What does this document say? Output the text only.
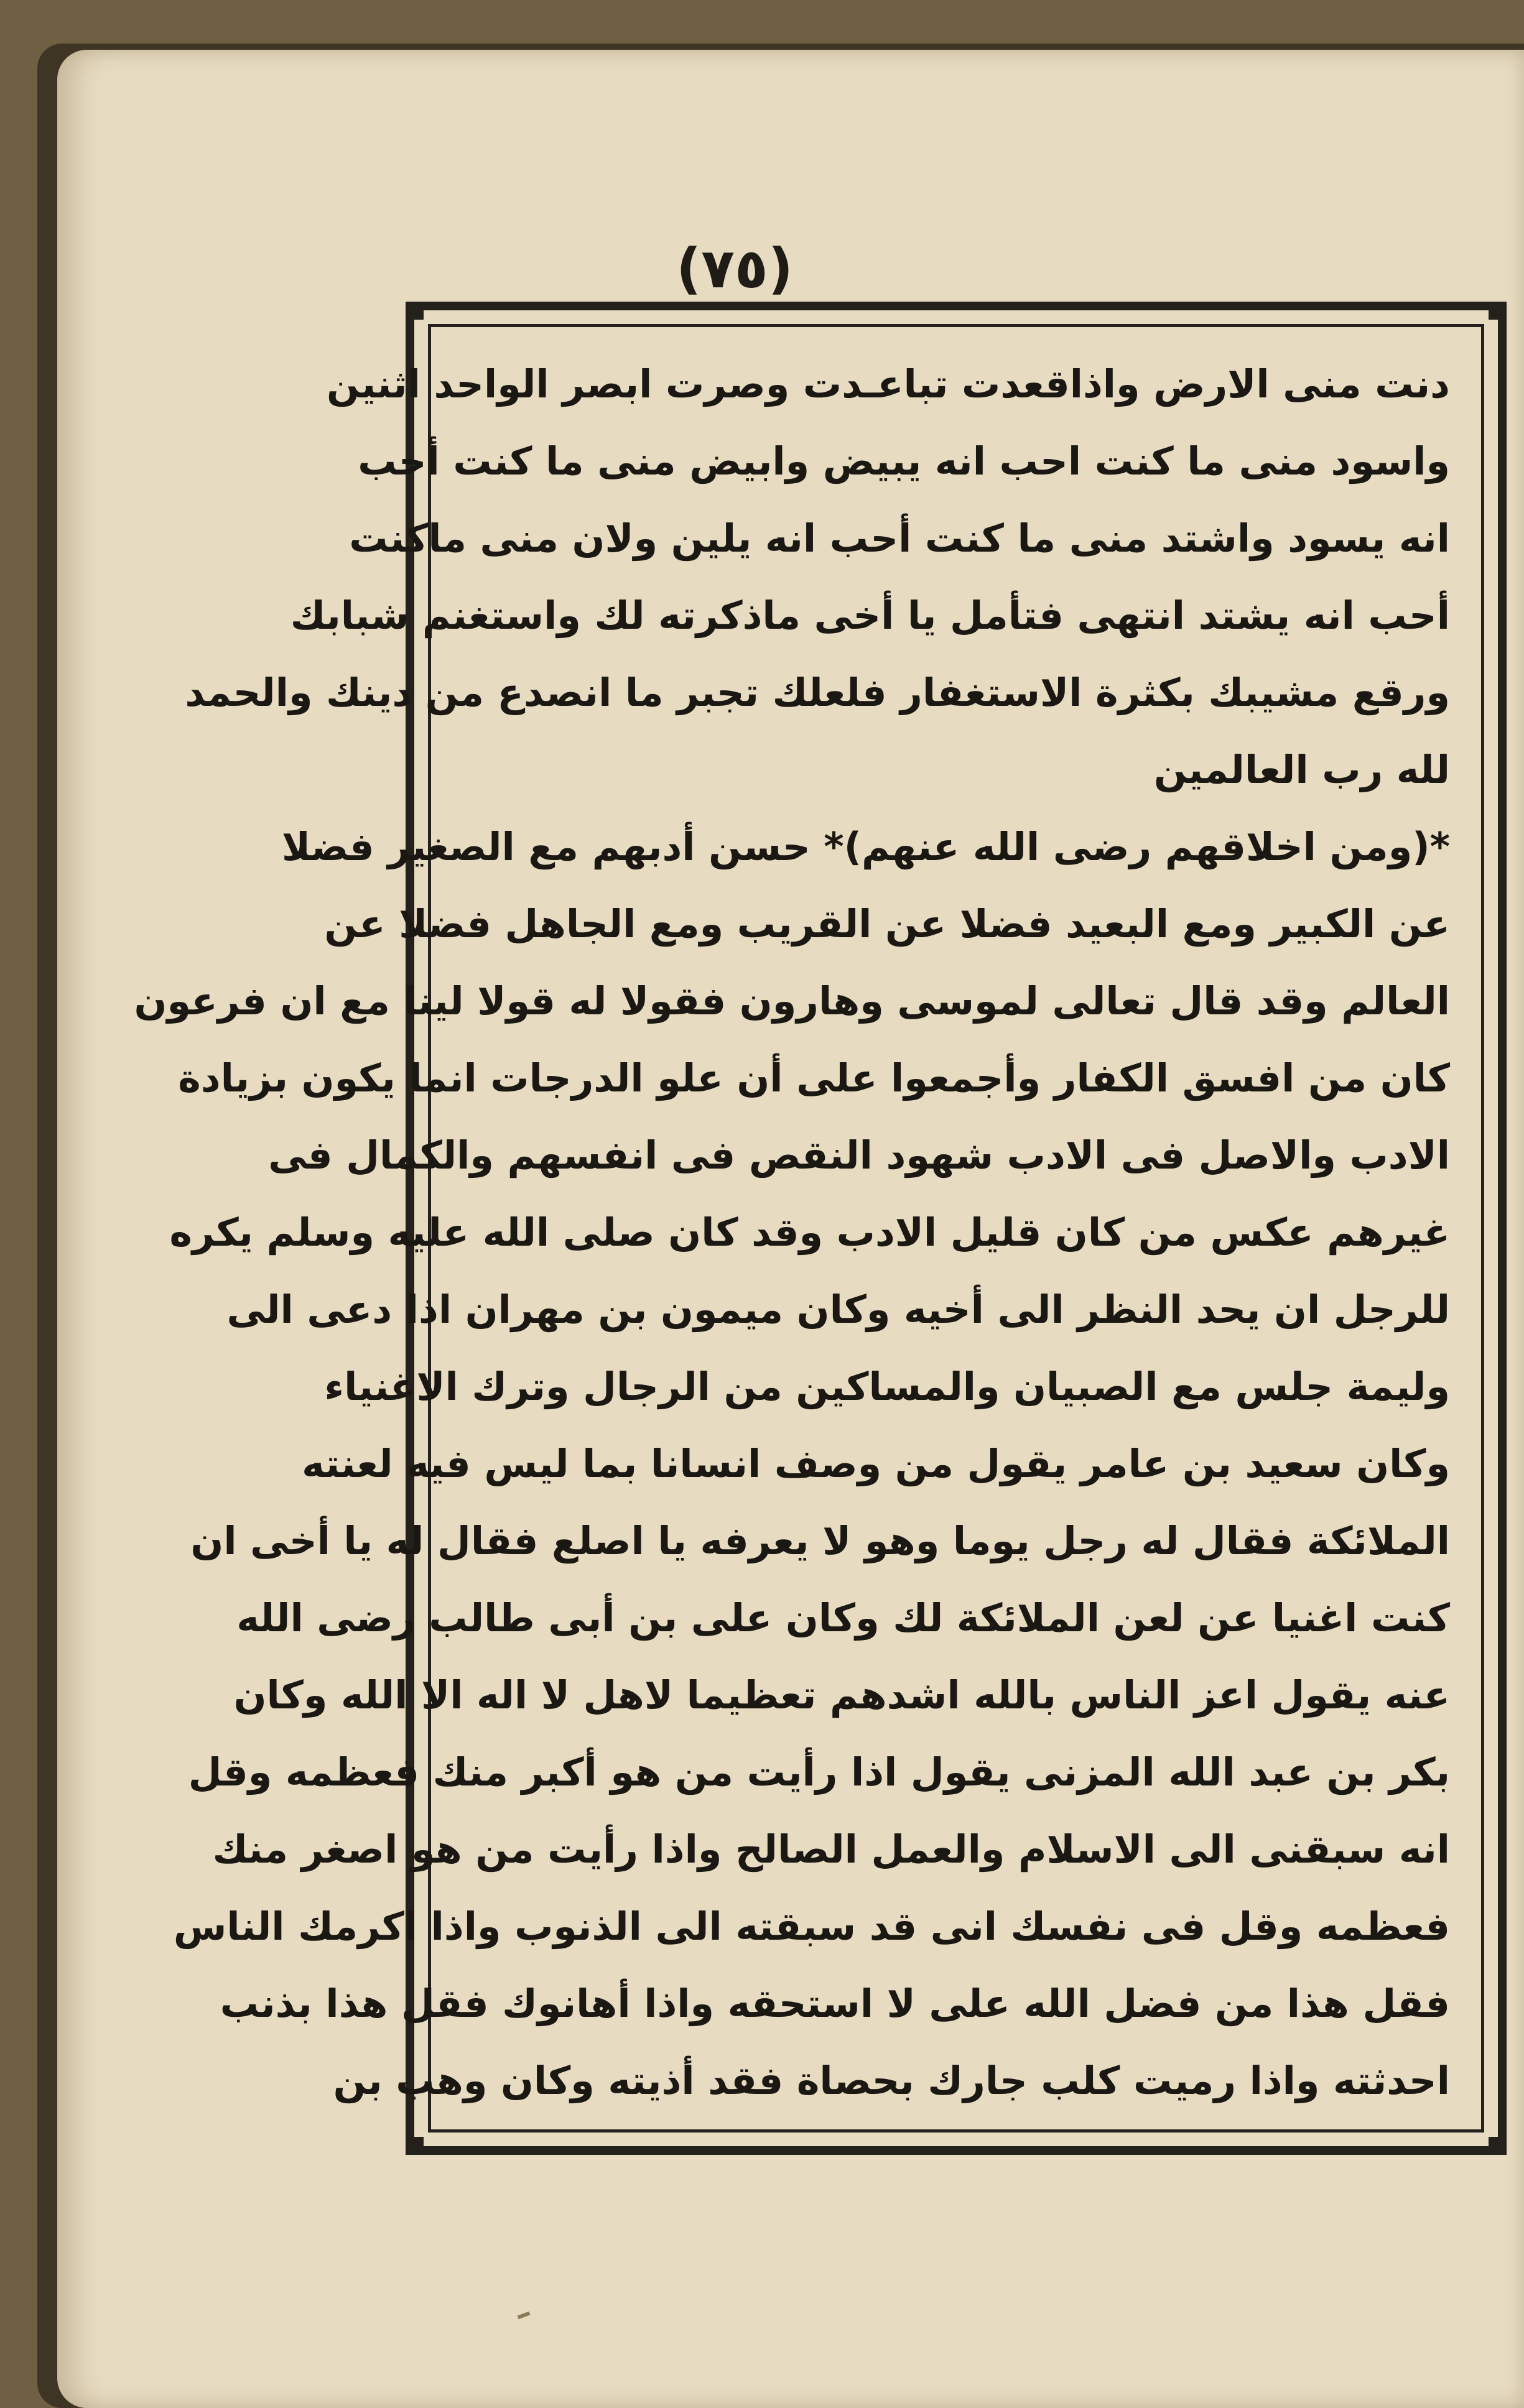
(٧٥)
دنت منى الارض واذاقعدت تباعـدت وصرت ابصر الواحد اثنين
واسود منى ما كنت احب انه يبيض وابيض منى ما كنت أحب
انه يسود واشتد منى ما كنت أحب انه يلين ولان منى ماكنت
أحب انه يشتد انتهى فتأمل يا أخى ماذكرته لك واستغنم شبابك
ورقع مشيبك بكثرة الاستغفار فلعلك تجبر ما انصدع من دينك والحمد
لله رب العالمين
*(ومن اخلاقهم رضى الله عنهم)* حسن أدبهم مع الصغير فضلا
عن الكبير ومع البعيد فضلا عن القريب ومع الجاهل فضلا عن
العالم وقد قال تعالى لموسى وهارون فقولا له قولا لينا مع ان فرعون
كان من افسق الكفار وأجمعوا على أن علو الدرجات انما يكون بزيادة
الادب والاصل فى الادب شهود النقص فى انفسهم والكمال فى
غيرهم عكس من كان قليل الادب وقد كان صلى الله عليه وسلم يكره
للرجل ان يحد النظر الى أخيه وكان ميمون بن مهران اذا دعى الى
وليمة جلس مع الصبيان والمساكين من الرجال وترك الاغنياء
وكان سعيد بن عامر يقول من وصف انسانا بما ليس فيه لعنته
الملائكة فقال له رجل يوما وهو لا يعرفه يا اصلع فقال له يا أخى ان
كنت اغنيا عن لعن الملائكة لك وكان على بن أبى طالب رضى الله
عنه يقول اعز الناس بالله اشدهم تعظيما لاهل لا اله الا الله وكان
بكر بن عبد الله المزنى يقول اذا رأيت من هو أكبر منك فعظمه وقل
انه سبقنى الى الاسلام والعمل الصالح واذا رأيت من هو اصغر منك
فعظمه وقل فى نفسك انى قد سبقته الى الذنوب واذا اكرمك الناس
فقل هذا من فضل الله على لا استحقه واذا أهانوك فقل هذا بذنب
احدثته واذا رميت كلب جارك بحصاة فقد أذيته وكان وهب بن
